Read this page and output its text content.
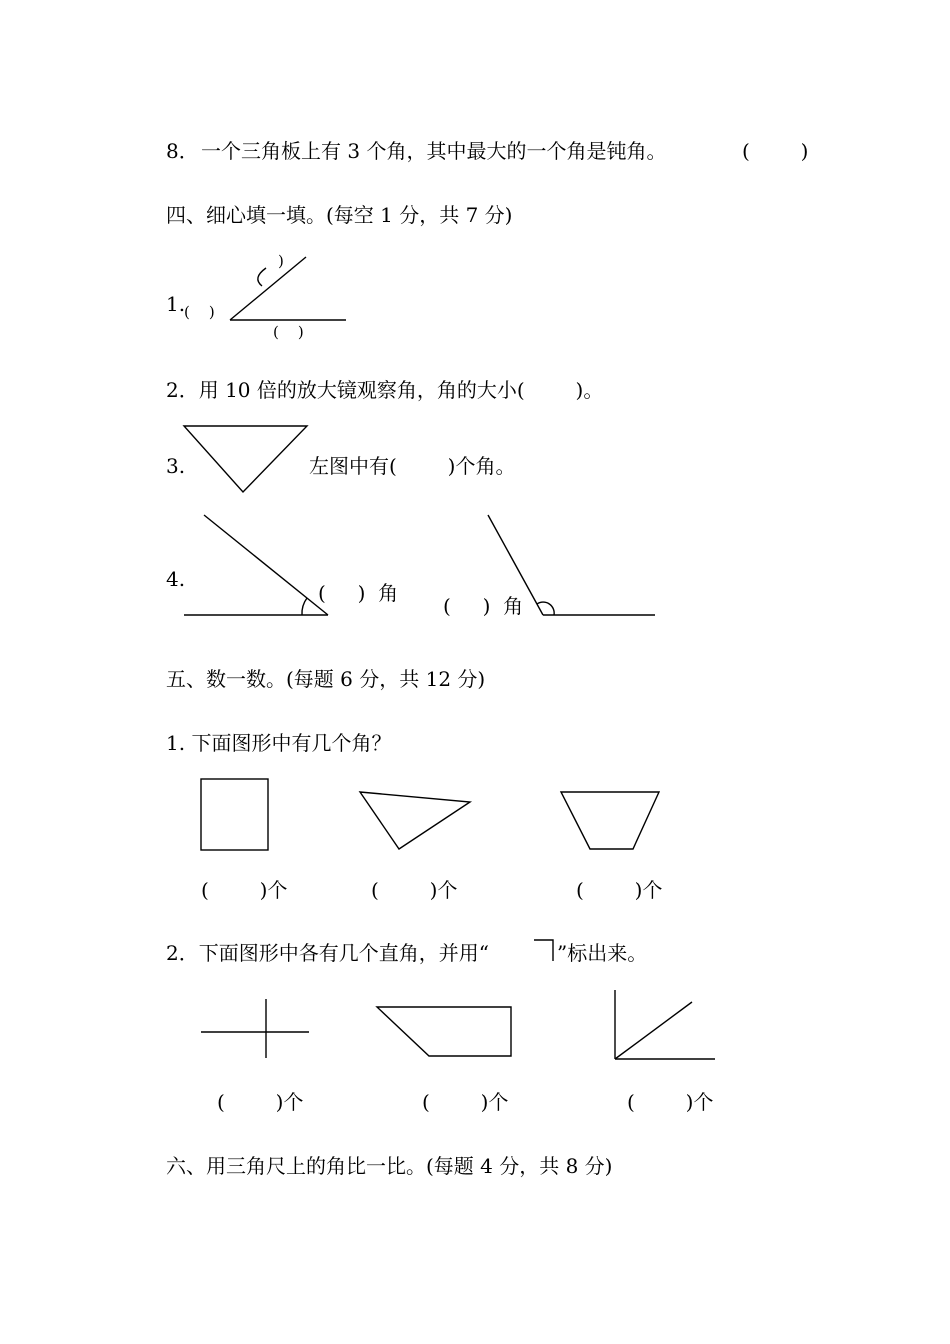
8． 一个三角板上有 3 个角，其中最大的一个角是钝角。	(        )
四、细心填一填。(每空 1 分，共 7 分)
1.
)
(    )
(    )
2．用 10 倍的放大镜观察角，角的大小(        )。
3.	左图中有(        )个角。
4.
(     )  角
(     )  角
五、数一数。(每题 6 分，共 12 分)
1. 下面图形中有几个角？
(        )个	(        )个	(        )个
2．下面图形中各有几个直角，并用“	”标出来。
(        )个	(        )个	(        )个
六、用三角尺上的角比一比。(每题 4 分，共 8 分)
